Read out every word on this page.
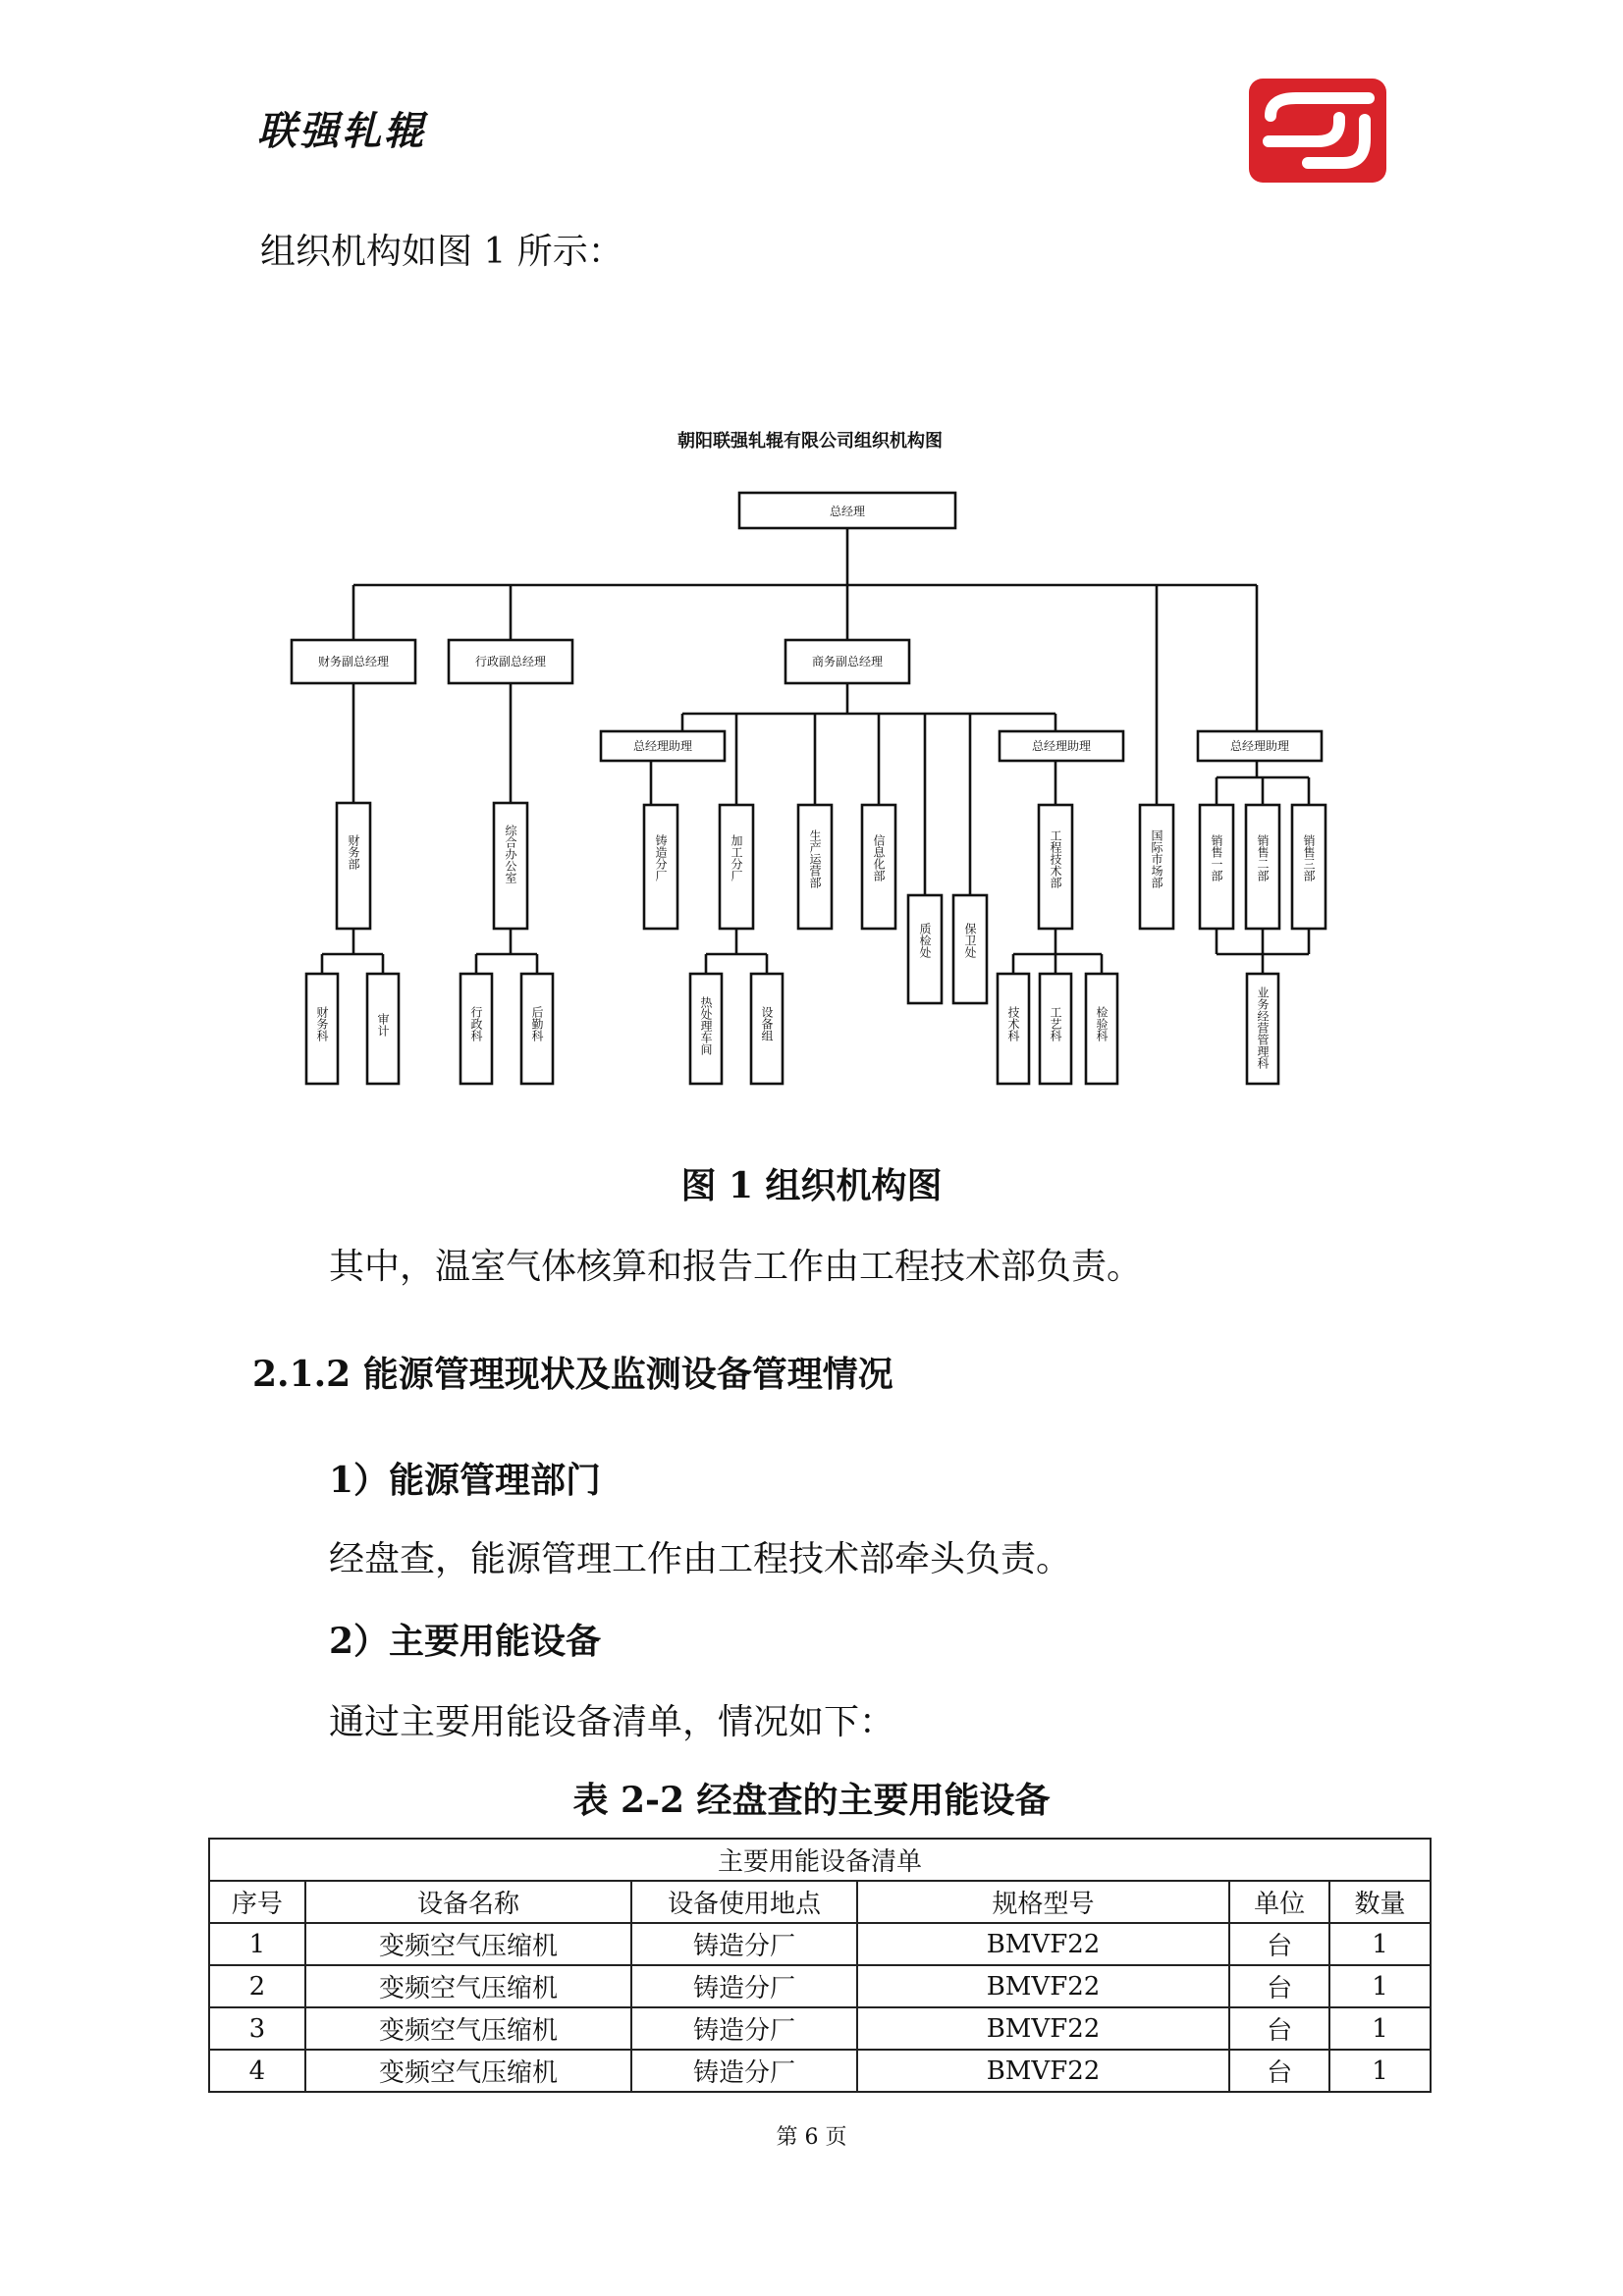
联强轧辊
组织机构如图 1 所示：
朝阳联强轧辊有限公司组织机构图
总经理
财务副总经理	行政副总经理	商务副总经理
总经理助理	总经理助理	总经理助理
财务部	综合办公室	铸造分厂	加工分厂	生产运营部	信息化部
质检处	保卫处
工程技术部	国际市场部	销售一部	销售二部	销售三部
财务科	审计	行政科	后勤科	热处理车间	设备组	技术科 工艺科	检验科	业务经营管理科
图 1 组织机构图
其中，温室气体核算和报告工作由工程技术部负责。
2.1.2 能源管理现状及监测设备管理情况
1）能源管理部门
经盘查，能源管理工作由工程技术部牵头负责。
2）主要用能设备
通过主要用能设备清单，情况如下：
表 2-2 经盘查的主要用能设备
主要用能设备清单					
序号	设备名称	设备使用地点	规格型号	单位	数量
1	变频空气压缩机	铸造分厂	BMVF22	台	1
2	变频空气压缩机	铸造分厂	BMVF22	台	1
3	变频空气压缩机	铸造分厂	BMVF22	台	1
4	变频空气压缩机	铸造分厂	BMVF22	台	1
第 6 页
